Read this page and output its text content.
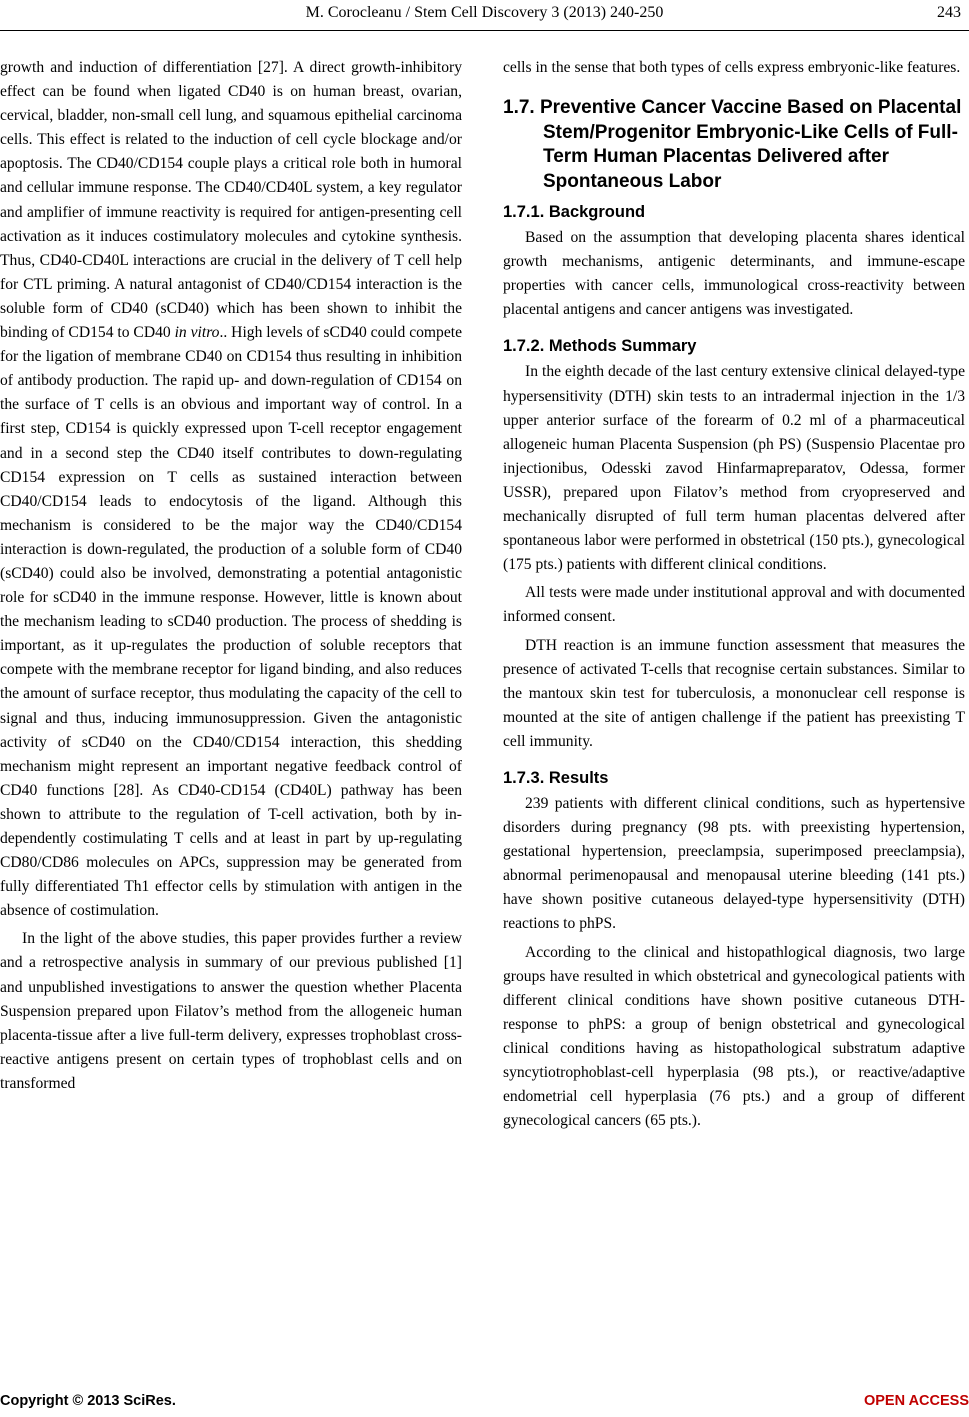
M. Corocleanu / Stem Cell Discovery 3 (2013) 240-250	243

growth and induction of differentiation [27]. A direct growth-inhibitory effect can be found when ligated CD40 is on human breast, ovarian, cervical, bladder, non-small cell lung, and squamous epithelial carcinoma cells. This effect is related to the induction of cell cycle blockage and/or apoptosis. The CD40/CD154 couple plays a critical role both in humoral and cellular immune response. The CD40/CD40L system, a key regulator and amplifier of immune reactivity is required for antigen-presenting cell activation as it induces costimulatory molecules and cytokine synthesis. Thus, CD40-CD40L interactions are crucial in the delivery of T cell help for CTL priming. A natural antagonist of CD40/CD154 interaction is the soluble form of CD40 (sCD40) which has been shown to inhibit the binding of CD154 to CD40 in vitro.. High levels of sCD40 could compete for the ligation of membrane CD40 on CD154 thus resulting in inhibition of antibody production. The rapid up- and down-regulation of CD154 on the surface of T cells is an obvious and important way of control. In a first step, CD154 is quickly expressed upon T-cell receptor engagement and in a second step the CD40 itself contributes to down-regulating CD154 expression on T cells as sustained interaction between CD40/CD154 leads to endocytosis of the ligand. Although this mechanism is considered to be the major way the CD40/CD154 interaction is down-regulated, the production of a soluble form of CD40 (sCD40) could also be involved, demonstrating a potential antagonistic role for sCD40 in the immune response. However, little is known about the mechanism leading to sCD40 production. The process of shedding is important, as it up-regulates the production of soluble receptors that compete with the membrane receptor for ligand binding, and also reduces the amount of surface receptor, thus modulating the capacity of the cell to signal and thus, inducing immunosuppression. Given the antagonistic activity of sCD40 on the CD40/CD154 interaction, this shedding mechanism might represent an important negative feedback control of CD40 functions [28]. As CD40-CD154 (CD40L) pathway has been shown to attribute to the regulation of T-cell activation, both by independently costimulating T cells and at least in part by up-regulating CD80/CD86 molecules on APCs, suppression may be generated from fully differentiated Th1 effector cells by stimulation with antigen in the absence of costimulation.

In the light of the above studies, this paper provides further a review and a retrospective analysis in summary of our previous published [1] and unpublished investigations to answer the question whether Placenta Suspension prepared upon Filatov’s method from the allogeneic human placenta-tissue after a live full-term delivery, expresses trophoblast cross-reactive antigens present on certain types of trophoblast cells and on transformed

cells in the sense that both types of cells express embryonic-like features.

1.7. Preventive Cancer Vaccine Based on Placental Stem/Progenitor Embryonic-Like Cells of Full-Term Human Placentas Delivered after Spontaneous Labor
1.7.1. Background

Based on the assumption that developing placenta shares identical growth mechanisms, antigenic determinants, and immune-escape properties with cancer cells, immunological cross-reactivity between placental antigens and cancer antigens was investigated.

1.7.2. Methods Summary

In the eighth decade of the last century extensive clinical delayed-type hypersensitivity (DTH) skin tests to an intradermal injection in the 1/3 upper anterior surface of the forearm of 0.2 ml of a pharmaceutical allogeneic human Placenta Suspension (ph PS) (Suspensio Placentae pro injectionibus, Odesski zavod Hinfarmapreparatov, Odessa, former USSR), prepared upon Filatov’s method from cryopreserved and mechanically disrupted of full term human placentas delvered after spontaneous labor were performed in obstetrical (150 pts.), gynecological (175 pts.) patients with different clinical conditions.

All tests were made under institutional approval and with documented informed consent.

DTH reaction is an immune function assessment that measures the presence of activated T-cells that recognise certain substances. Similar to the mantoux skin test for tuberculosis, a mononuclear cell response is mounted at the site of antigen challenge if the patient has preexisting T cell immunity.

1.7.3. Results

239 patients with different clinical conditions, such as hypertensive disorders during pregnancy (98 pts. with preexisting hypertension, gestational hypertension, preeclampsia, superimposed preeclampsia), abnormal perimenopausal and menopausal uterine bleeding (141 pts.) have shown positive cutaneous delayed-type hypersensitivity (DTH) reactions to phPS.

According to the clinical and histopathlogical diagnosis, two large groups have resulted in which obstetrical and gynecological patients with different clinical conditions have shown positive cutaneous DTH-response to phPS: a group of benign obstetrical and gynecological clinical conditions having as histopathological substratum adaptive syncytiotrophoblast-cell hyperplasia (98 pts.), or reactive/adaptive endometrial cell hyperplasia (76 pts.) and a group of different gynecological cancers (65 pts.).

Copyright © 2013 SciRes.	OPEN ACCESS
